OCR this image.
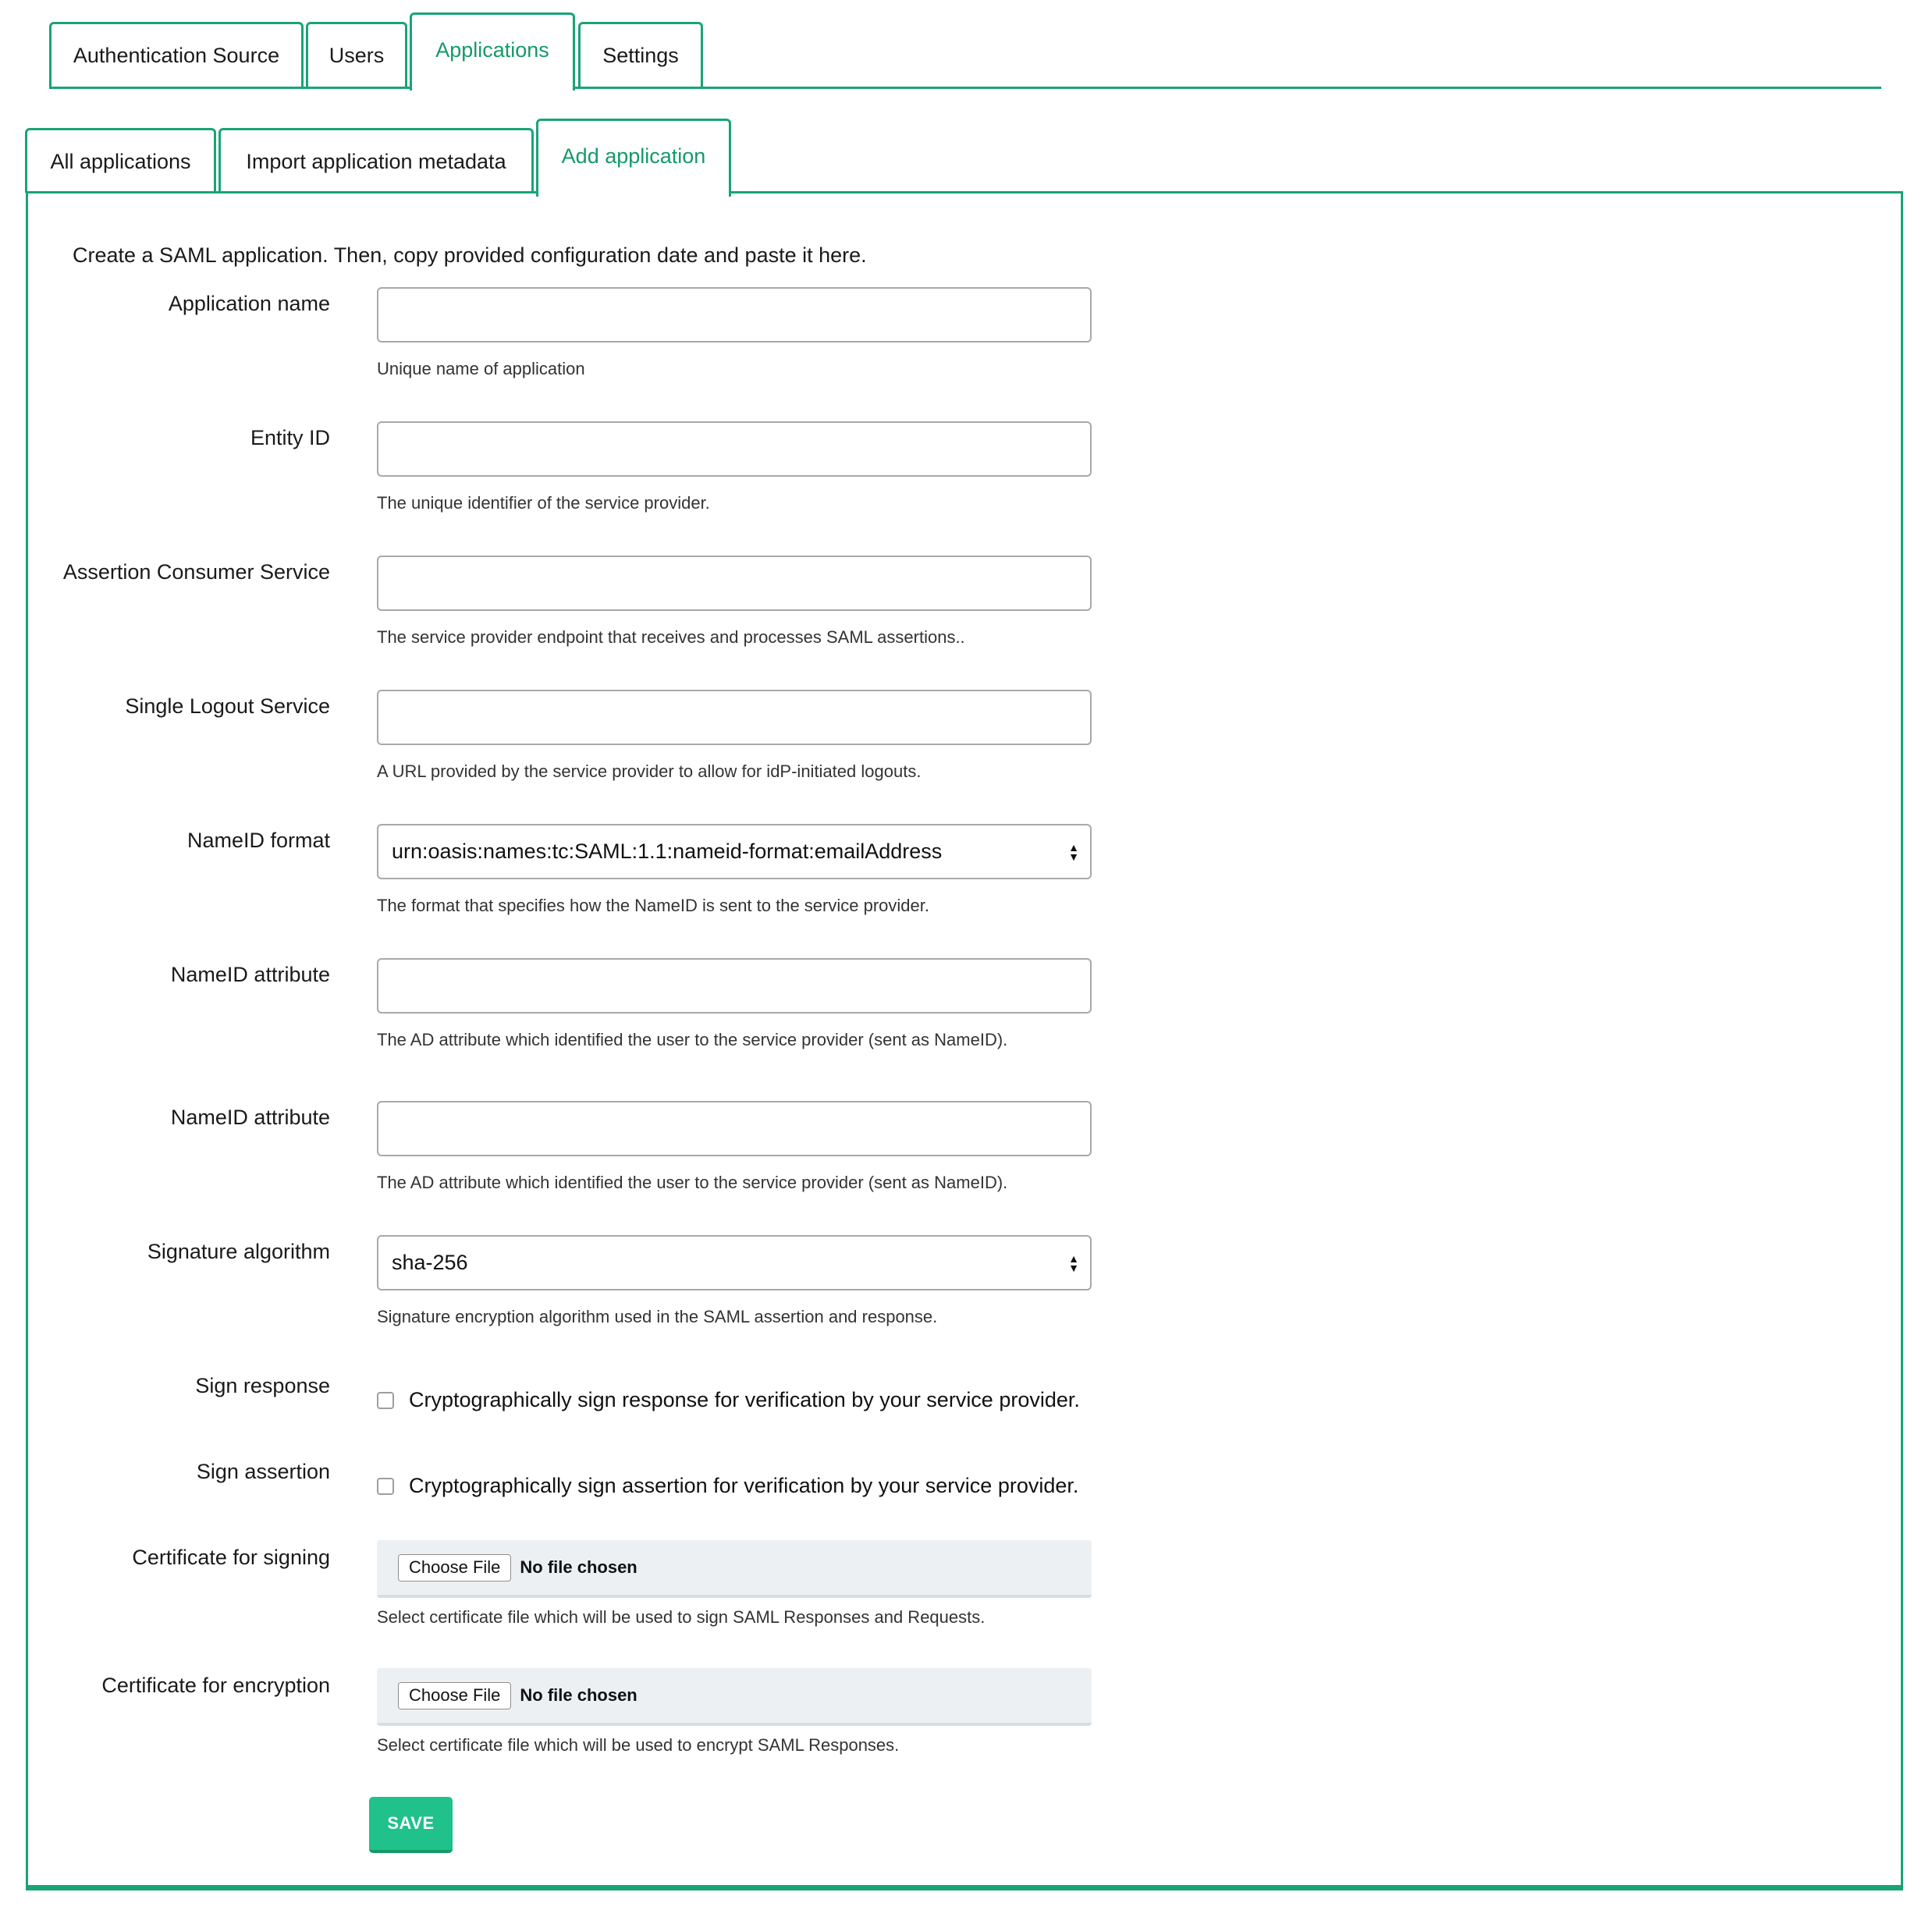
Authentication Source	Users	Applications	Settings
All applications	Import application metadata	Add application
Create a SAML application. Then, copy provided configuration date and paste it here.
Application name
Unique name of application
Entity ID
The unique identifier of the service provider.
Assertion Consumer Service
The service provider endpoint that receives and processes SAML assertions..
Single Logout Service
A URL provided by the service provider to allow for idP-initiated logouts.
NameID format	urn:oasis:names:tc:SAML:1.1:nameid-format:emailAddress	▲
▼
The format that specifies how the NameID is sent to the service provider.
NameID attribute
The AD attribute which identified the user to the service provider (sent as NameID).
NameID attribute
The AD attribute which identified the user to the service provider (sent as NameID).
Signature algorithm	sha-256	▲
▼
Signature encryption algorithm used in the SAML assertion and response.
Sign response
Cryptographically sign response for verification by your service provider.
Sign assertion
Cryptographically sign assertion for verification by your service provider.
Certificate for signing	Choose File	No file chosen
Select certificate file which will be used to sign SAML Responses and Requests.
Certificate for encryption	Choose File	No file chosen
Select certificate file which will be used to encrypt SAML Responses.
SAVE
